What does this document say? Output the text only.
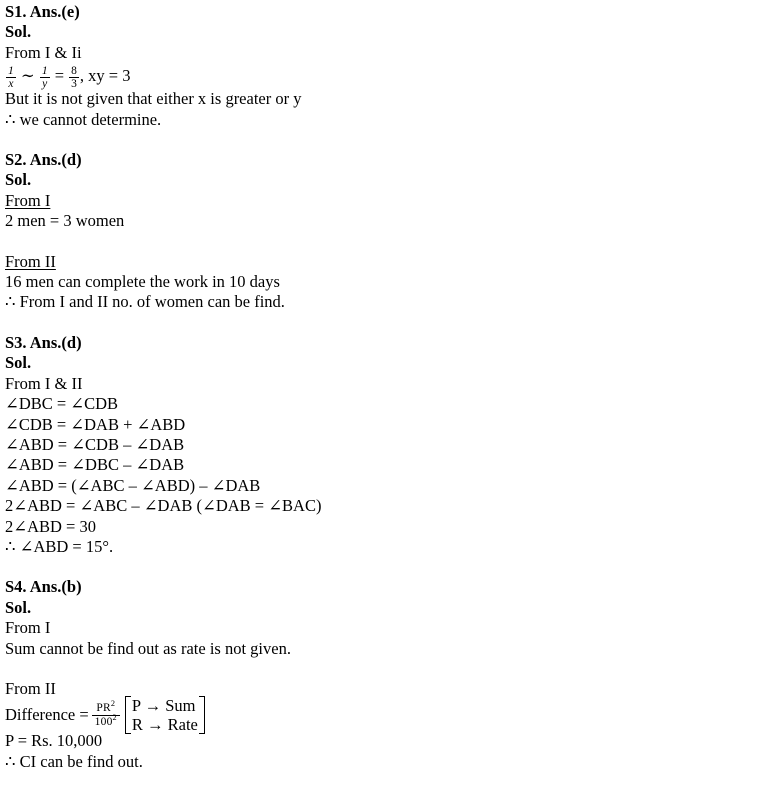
S1. Ans.(e)
Sol.
From I & Ii
$\frac{1}{x}$ ∼ $\frac{1}{y} = \frac{8}{3}$ , xy = 3
But it is not given that either x is greater or y
∴ we cannot determine.
S2. Ans.(d)
Sol.
From I
2 men = 3 women
From II
16 men can complete the work in 10 days
∴ From I and II no. of women can be find.
S3. Ans.(d)
Sol.
From I & II
∠DBC = ∠CDB
∠CDB = ∠DAB + ∠ABD
∠ABD = ∠CDB – ∠DAB
∠ABD = ∠DBC – ∠DAB
∠ABD = (∠ABC – ∠ABD) – ∠DAB
2∠ABD = ∠ABC – ∠DAB (∠DAB = ∠BAC)
2∠ABD = 30
∴ ∠ABD = 15°.
S4. Ans.(b)
Sol.
From I
Sum cannot be find out as rate is not given.
From II
Difference = $\frac{PR^2}{100^2}$ P → Sum
R → Rate
P = Rs. 10,000
∴ CI can be find out.
